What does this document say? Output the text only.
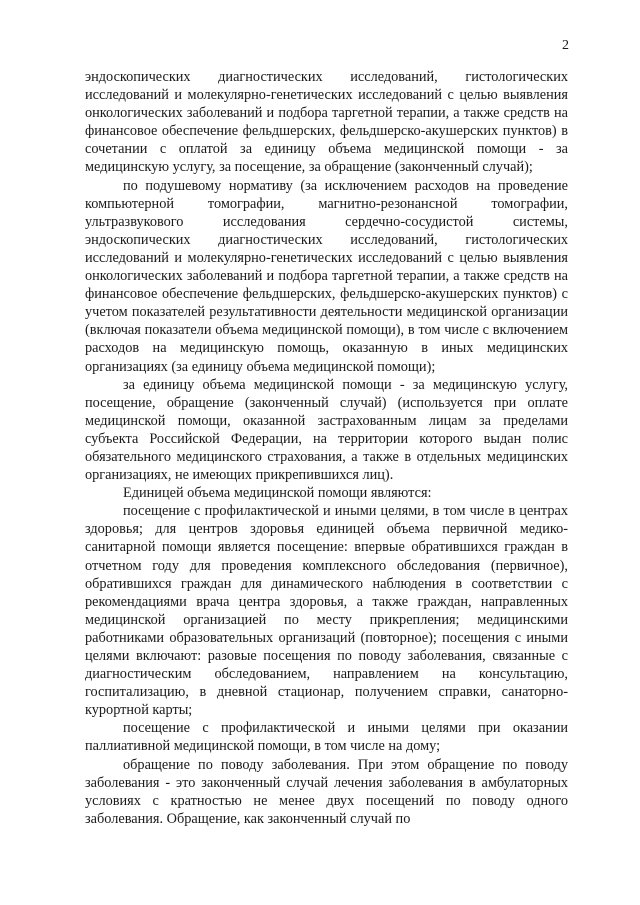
2

эндоскопических диагностических исследований, гистологических исследований и молекулярно-генетических исследований с целью выявления онкологических заболеваний и подбора таргетной терапии, а также средств на финансовое обеспечение фельдшерских, фельдшерско-акушерских пунктов) в сочетании с оплатой за единицу объема медицинской помощи - за медицинскую услугу, за посещение, за обращение (законченный случай);

по подушевому нормативу (за исключением расходов на проведение компьютерной томографии, магнитно-резонансной томографии, ультразвукового исследования сердечно-сосудистой системы, эндоскопических диагностических исследований, гистологических исследований и молекулярно-генетических исследований с целью выявления онкологических заболеваний и подбора таргетной терапии, а также средств на финансовое обеспечение фельдшерских, фельдшерско-акушерских пунктов) с учетом показателей результативности деятельности медицинской организации (включая показатели объема медицинской помощи), в том числе с включением расходов на медицинскую помощь, оказанную в иных медицинских организациях (за единицу объема медицинской помощи);

за единицу объема медицинской помощи - за медицинскую услугу, посещение, обращение (законченный случай) (используется при оплате медицинской помощи, оказанной застрахованным лицам за пределами субъекта Российской Федерации, на территории которого выдан полис обязательного медицинского страхования, а также в отдельных медицинских организациях, не имеющих прикрепившихся лиц).

Единицей объема медицинской помощи являются:

посещение с профилактической и иными целями, в том числе в центрах здоровья; для центров здоровья единицей объема первичной медико-санитарной помощи является посещение: впервые обратившихся граждан в отчетном году для проведения комплексного обследования (первичное), обратившихся граждан для динамического наблюдения в соответствии с рекомендациями врача центра здоровья, а также граждан, направленных медицинской организацией по месту прикрепления; медицинскими работниками образовательных организаций (повторное); посещения с иными целями включают: разовые посещения по поводу заболевания, связанные с диагностическим обследованием, направлением на консультацию, госпитализацию, в дневной стационар, получением справки, санаторно-курортной карты;

посещение с профилактической и иными целями при оказании паллиативной медицинской помощи, в том числе на дому;

обращение по поводу заболевания. При этом обращение по поводу заболевания - это законченный случай лечения заболевания в амбулаторных условиях с кратностью не менее двух посещений по поводу одного заболевания. Обращение, как законченный случай по
